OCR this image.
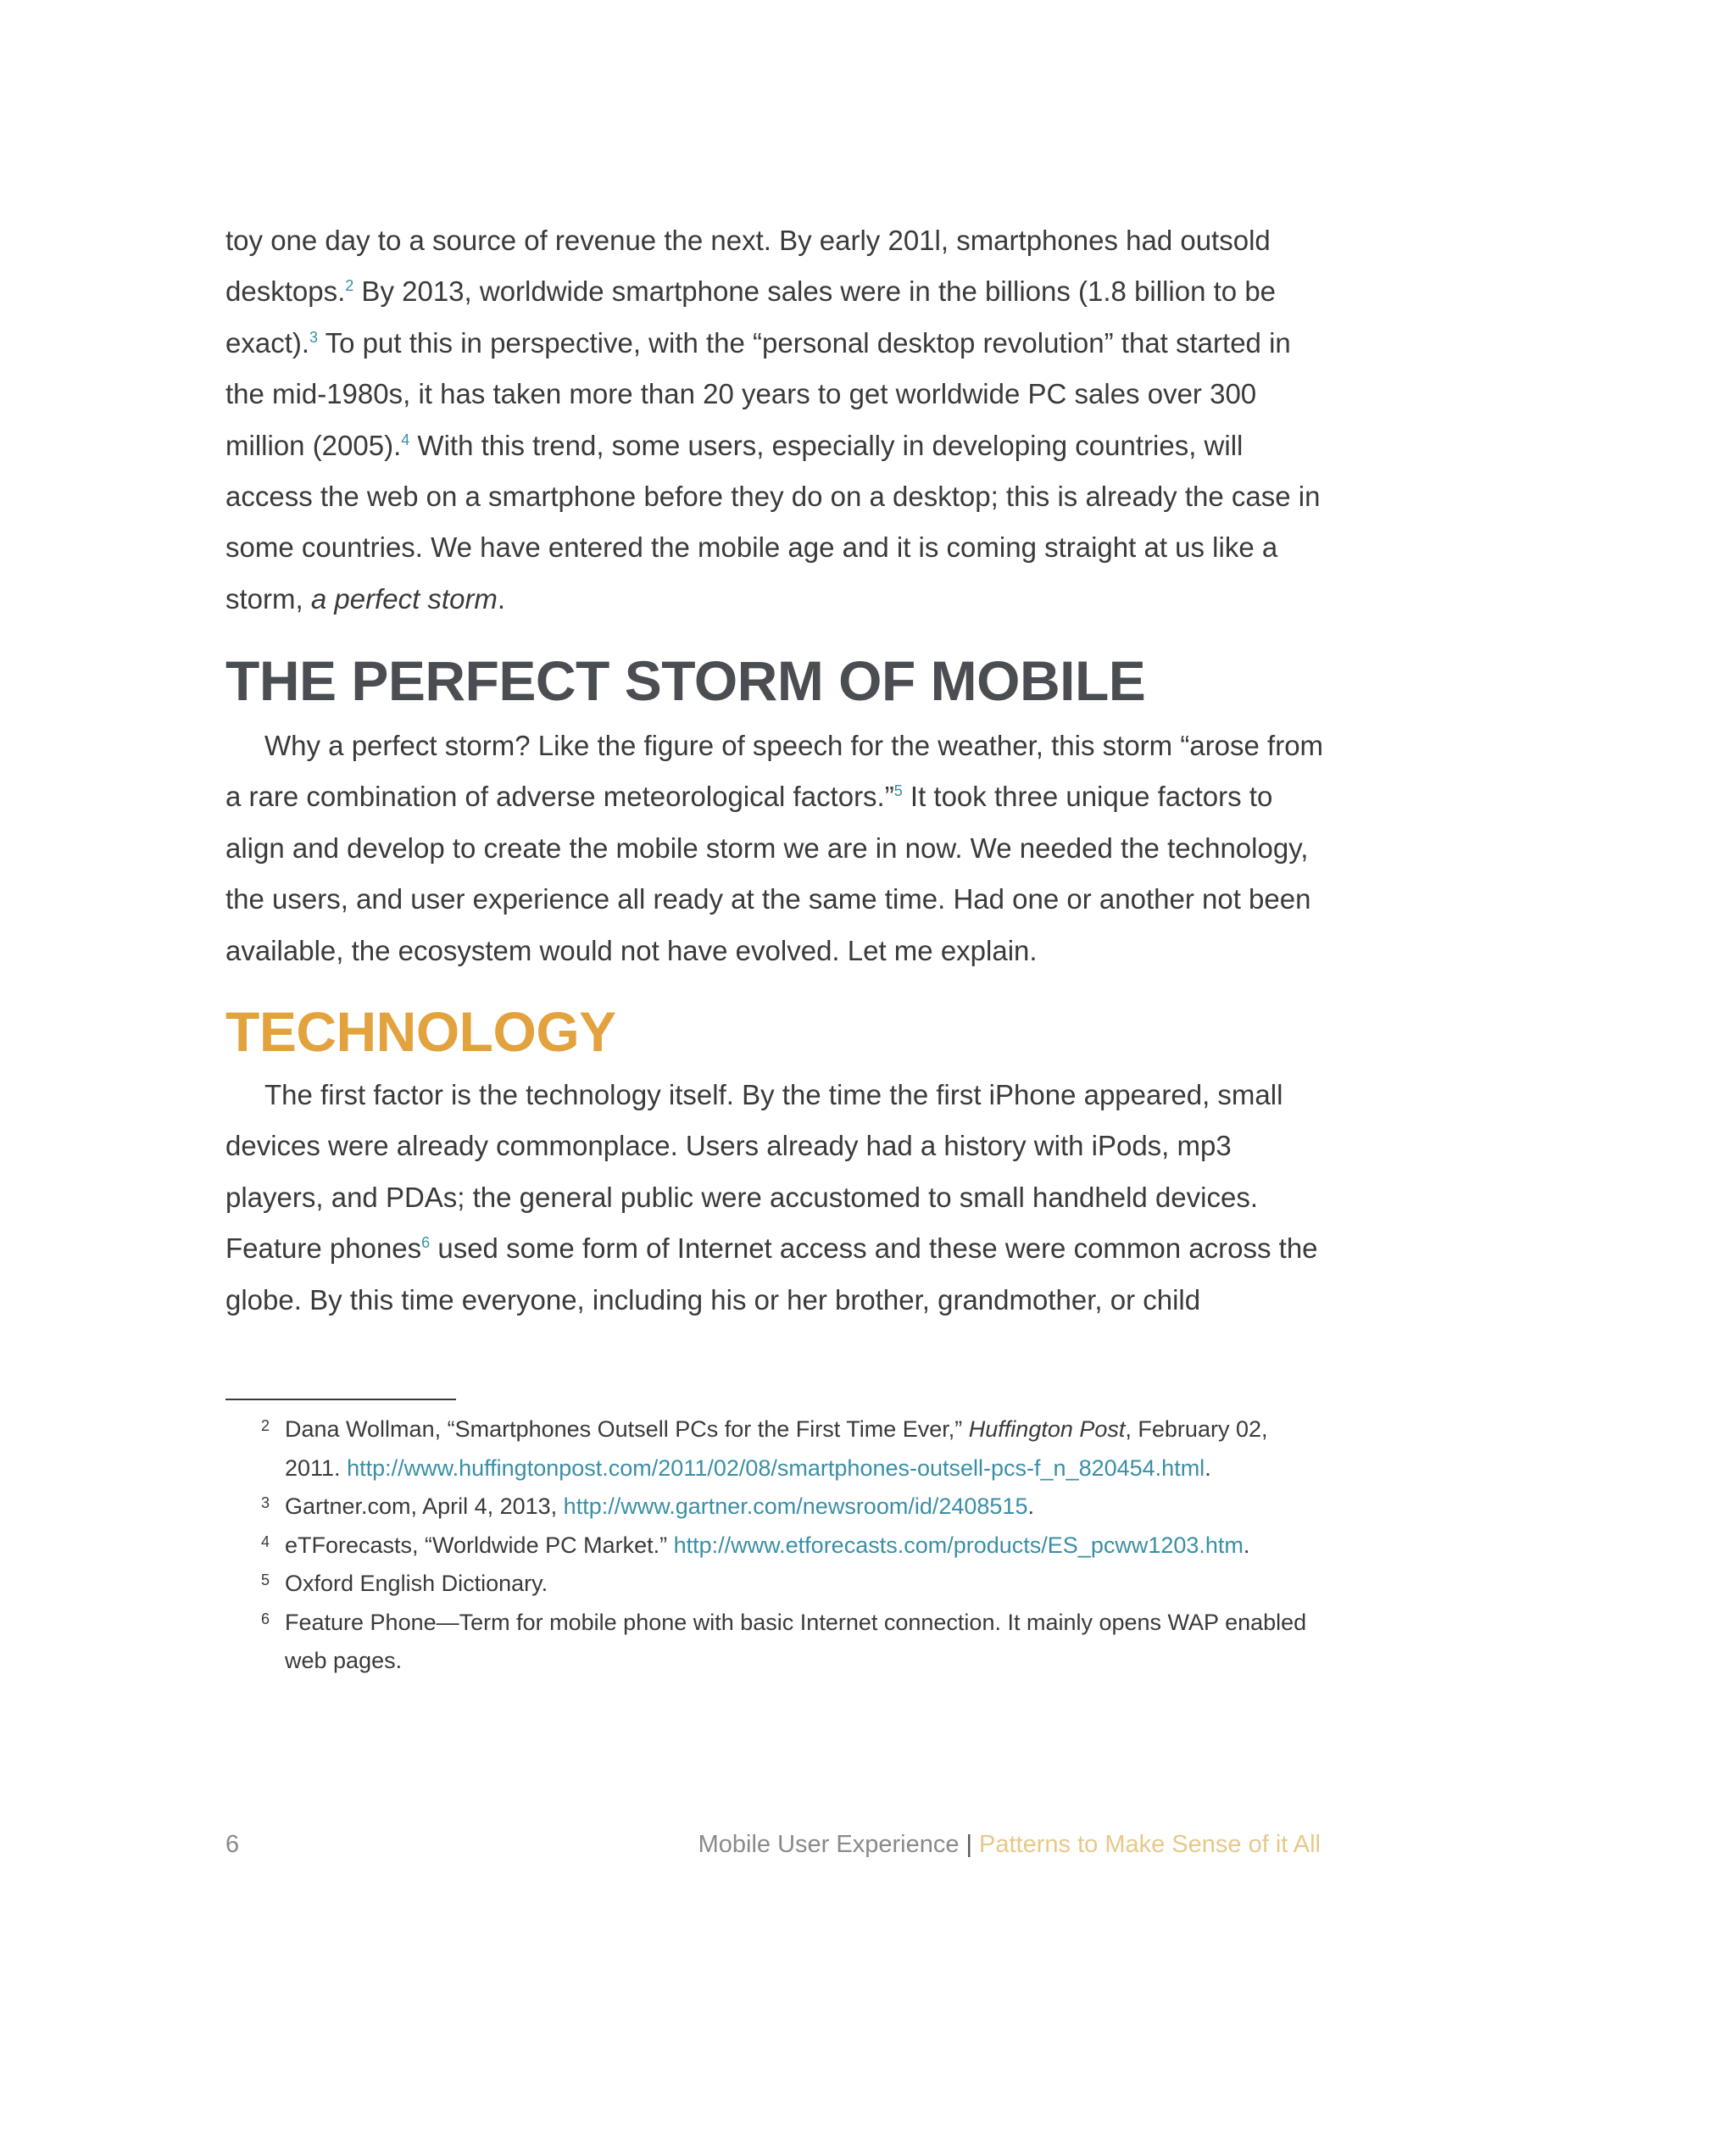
toy one day to a source of revenue the next. By early 201l, smartphones had outsold desktops.$^2$ By 2013, worldwide smartphone sales were in the billions (1.8 billion to be exact).$^3$ To put this in perspective, with the “personal desktop revolution” that started in the mid-1980s, it has taken more than 20 years to get worldwide PC sales over 300 million (2005).$^4$ With this trend, some users, especially in developing countries, will access the web on a smartphone before they do on a desktop; this is already the case in some countries. We have entered the mobile age and it is coming straight at us like a storm, a perfect storm.

THE PERFECT STORM OF MOBILE

Why a perfect storm? Like the figure of speech for the weather, this storm “arose from a rare combination of adverse meteorological factors.”$^5$ It took three unique factors to align and develop to create the mobile storm we are in now. We needed the technology, the users, and user experience all ready at the same time. Had one or another not been available, the ecosystem would not have evolved. Let me explain.

TECHNOLOGY

The first factor is the technology itself. By the time the first iPhone appeared, small devices were already commonplace. Users already had a history with iPods, mp3 players, and PDAs; the general public were accustomed to small handheld devices. Feature phones$^6$ used some form of Internet access and these were common across the globe. By this time everyone, including his or her brother, grandmother, or child

2 Dana Wollman, “Smartphones Outsell PCs for the First Time Ever,” Huffington Post, February 02, 2011. http://www.huffingtonpost.com/2011/02/08/smartphones-outsell-pcs-f_n_820454.html.
3 Gartner.com, April 4, 2013, http://www.gartner.com/newsroom/id/2408515.
4 eTForecasts, “Worldwide PC Market.” http://www.etforecasts.com/products/ES_pcww1203.htm.
5 Oxford English Dictionary.
6 Feature Phone—Term for mobile phone with basic Internet connection. It mainly opens WAP enabled web pages.
6	Mobile User Experience | Patterns to Make Sense of it All
